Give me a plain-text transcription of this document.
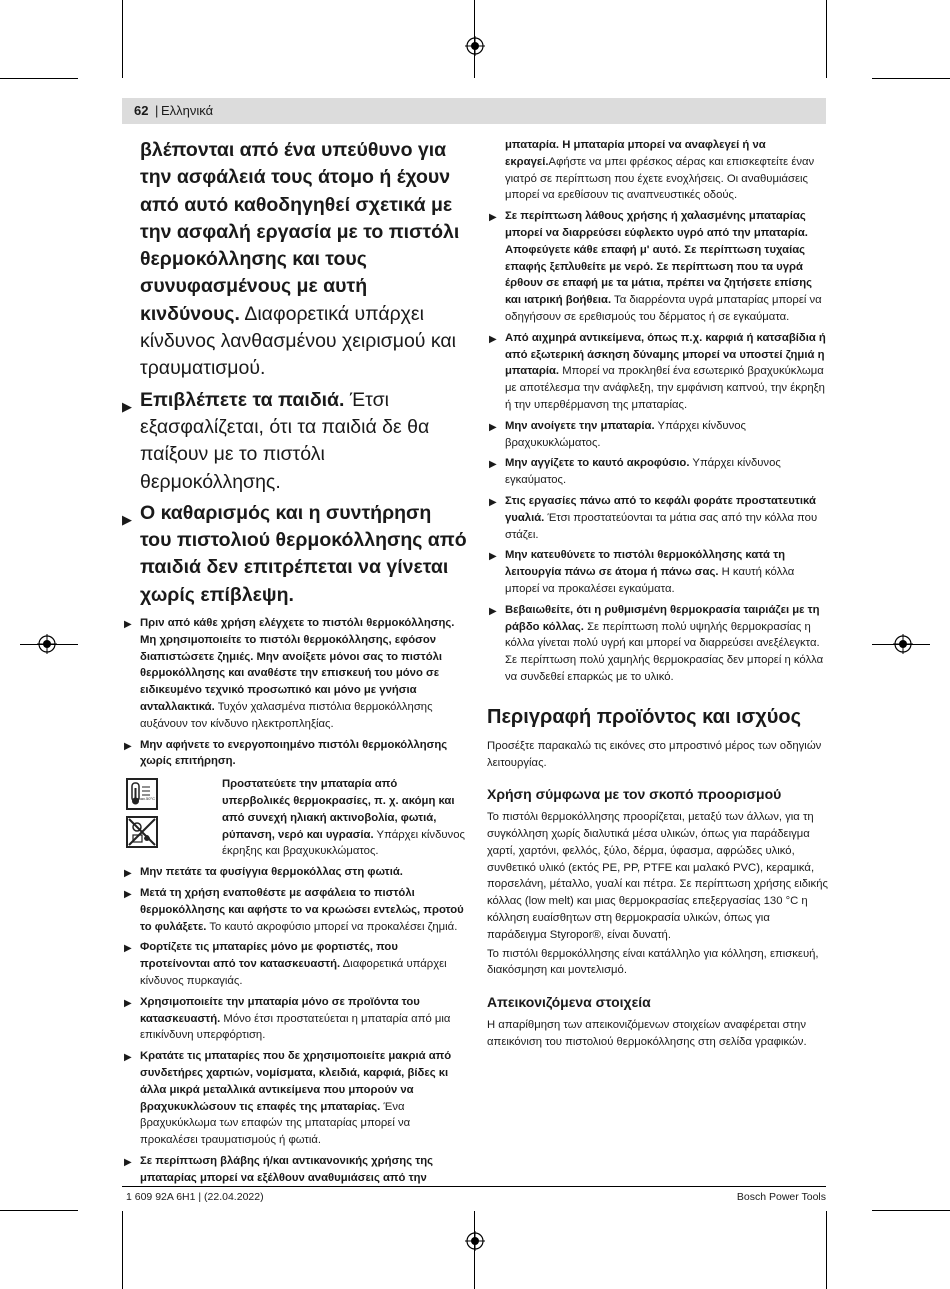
62 | Ελληνικά

βλέπονται από ένα υπεύθυνο για την ασφάλειά τους άτομο ή έχουν από αυτό καθοδηγηθεί σχετικά με την ασφαλή εργασία με το πιστόλι θερμοκόλλησης και τους συνυφασμένους με αυτή κινδύνους. Διαφορετικά υπάρχει κίνδυνος λανθασμένου χειρισμού και τραυματισμού.

▶ Επιβλέπετε τα παιδιά. Έτσι εξασφαλίζεται, ότι τα παιδιά δε θα παίξουν με το πιστόλι θερμοκόλλησης.
▶ Ο καθαρισμός και η συντήρηση του πιστολιού θερμοκόλλησης από παιδιά δεν επιτρέπεται να γίνεται χωρίς επίβλεψη.
▶ Πριν από κάθε χρήση ελέγχετε το πιστόλι θερμοκόλλησης. Μη χρησιμοποιείτε το πιστόλι θερμοκόλλησης, εφόσον διαπιστώσετε ζημιές. Μην ανοίξετε μόνοι σας το πιστόλι θερμοκόλλησης και αναθέστε την επισκευή του μόνο σε ειδικευμένο τεχνικό προσωπικό και μόνο με γνήσια ανταλλακτικά. Τυχόν χαλασμένα πιστόλια θερμοκόλλησης αυξάνουν τον κίνδυνο ηλεκτροπληξίας.

▶ Μην αφήνετε το ενεργοποιημένο πιστόλι θερμοκόλλησης χωρίς επιτήρηση.

max.50°C
Προστατεύετε την μπαταρία από υπερβολικές θερμοκρασίες, π. χ. ακόμη και από συνεχή ηλιακή ακτινοβολία, φωτιά, ρύπανση, νερό και υγρασία. Υπάρχει κίνδυνος έκρηξης και βραχυκυκλώματος.
▶ Μην πετάτε τα φυσίγγια θερμοκόλλας στη φωτιά.

▶ Μετά τη χρήση εναποθέστε με ασφάλεια το πιστόλι θερμοκόλλησης και αφήστε το να κρωώσει εντελώς, προτού το φυλάξετε. Το καυτό ακροφύσιο μπορεί να προκαλέσει ζημιά.

▶ Φορτίζετε τις μπαταρίες μόνο με φορτιστές, που προτείνονται από τον κατασκευαστή. Διαφορετικά υπάρχει κίνδυνος πυρκαγιάς.

▶ Χρησιμοποιείτε την μπαταρία μόνο σε προϊόντα του κατασκευαστή. Μόνο έτσι προστατεύεται η μπαταρία από μια επικίνδυνη υπερφόρτιση.

▶ Κρατάτε τις μπαταρίες που δε χρησιμοποιείτε μακριά από συνδετήρες χαρτιών, νομίσματα, κλειδιά, καρφιά, βίδες κι άλλα μικρά μεταλλικά αντικείμενα που μπορούν να βραχυκυκλώσουν τις επαφές της μπαταρίας. Ένα βραχυκύκλωμα των επαφών της μπαταρίας μπορεί να προκαλέσει τραυματισμούς ή φωτιά.

▶ Σε περίπτωση βλάβης ή/και αντικανονικής χρήσης της μπαταρίας μπορεί να εξέλθουν αναθυμιάσεις από την

μπαταρία. Η μπαταρία μπορεί να αναφλεγεί ή να εκραγεί.Αφήστε να μπει φρέσκος αέρας και επισκεφτείτε έναν γιατρό σε περίπτωση που έχετε ενοχλήσεις. Οι αναθυμιάσεις μπορεί να ερεθίσουν τις αναπνευστικές οδούς.

▶ Σε περίπτωση λάθους χρήσης ή χαλασμένης μπαταρίας μπορεί να διαρρεύσει εύφλεκτο υγρό από την μπαταρία. Αποφεύγετε κάθε επαφή μ' αυτό. Σε περίπτωση τυχαίας επαφής ξεπλυθείτε με νερό. Σε περίπτωση που τα υγρά έρθουν σε επαφή με τα μάτια, πρέπει να ζητήσετε επίσης και ιατρική βοήθεια. Τα διαρρέοντα υγρά μπαταρίας μπορεί να οδηγήσουν σε ερεθισμούς του δέρματος ή σε εγκαύματα.

▶ Από αιχμηρά αντικείμενα, όπως π.χ. καρφιά ή κατσαβίδια ή από εξωτερική άσκηση δύναμης μπορεί να υποστεί ζημιά η μπαταρία. Μπορεί να προκληθεί ένα εσωτερικό βραχυκύκλωμα με αποτέλεσμα την ανάφλεξη, την εμφάνιση καπνού, την έκρηξη ή την υπερθέρμανση της μπαταρίας.

▶ Μην ανοίγετε την μπαταρία. Υπάρχει κίνδυνος βραχυκυκλώματος.

▶ Μην αγγίζετε το καυτό ακροφύσιο. Υπάρχει κίνδυνος εγκαύματος.

▶ Στις εργασίες πάνω από το κεφάλι φοράτε προστατευτικά γυαλιά. Έτσι προστατεύονται τα μάτια σας από την κόλλα που στάζει.

▶ Μην κατευθύνετε το πιστόλι θερμοκόλλησης κατά τη λειτουργία πάνω σε άτομα ή πάνω σας. Η καυτή κόλλα μπορεί να προκαλέσει εγκαύματα.

▶ Βεβαιωθείτε, ότι η ρυθμισμένη θερμοκρασία ταιριάζει με τη ράβδο κόλλας. Σε περίπτωση πολύ υψηλής θερμοκρασίας η κόλλα γίνεται πολύ υγρή και μπορεί να διαρρεύσει ανεξέλεγκτα. Σε περίπτωση πολύ χαμηλής θερμοκρασίας δεν μπορεί η κόλλα να συνδεθεί επαρκώς με το υλικό.

Περιγραφή προϊόντος και ισχύος

Προσέξτε παρακαλώ τις εικόνες στο μπροστινό μέρος των οδηγιών λειτουργίας.

Χρήση σύμφωνα με τον σκοπό προορισμού

Το πιστόλι θερμοκόλλησης προορίζεται, μεταξύ των άλλων, για τη συγκόλληση χωρίς διαλυτικά μέσα υλικών, όπως για παράδειγμα χαρτί, χαρτόνι, φελλός, ξύλο, δέρμα, ύφασμα, αφρώδες υλικό, συνθετικό υλικό (εκτός PE, PP, PTFE και μαλακό PVC), κεραμικά, πορσελάνη, μέταλλο, γυαλί και πέτρα. Σε περίπτωση χρήσης ειδικής κόλλας (low melt) και μιας θερμοκρασίας επεξεργασίας 130 °C η κόλληση ευαίσθητων στη θερμοκρασία υλικών, όπως για παράδειγμα Styropor®, είναι δυνατή.

Το πιστόλι θερμοκόλλησης είναι κατάλληλο για κόλληση, επισκευή, διακόσμηση και μοντελισμό.

Απεικονιζόμενα στοιχεία

Η απαρίθμηση των απεικονιζόμενων στοιχείων αναφέρεται στην απεικόνιση του πιστολιού θερμοκόλλησης στη σελίδα γραφικών.

1 609 92A 6H1 | (22.04.2022)	Bosch Power Tools
